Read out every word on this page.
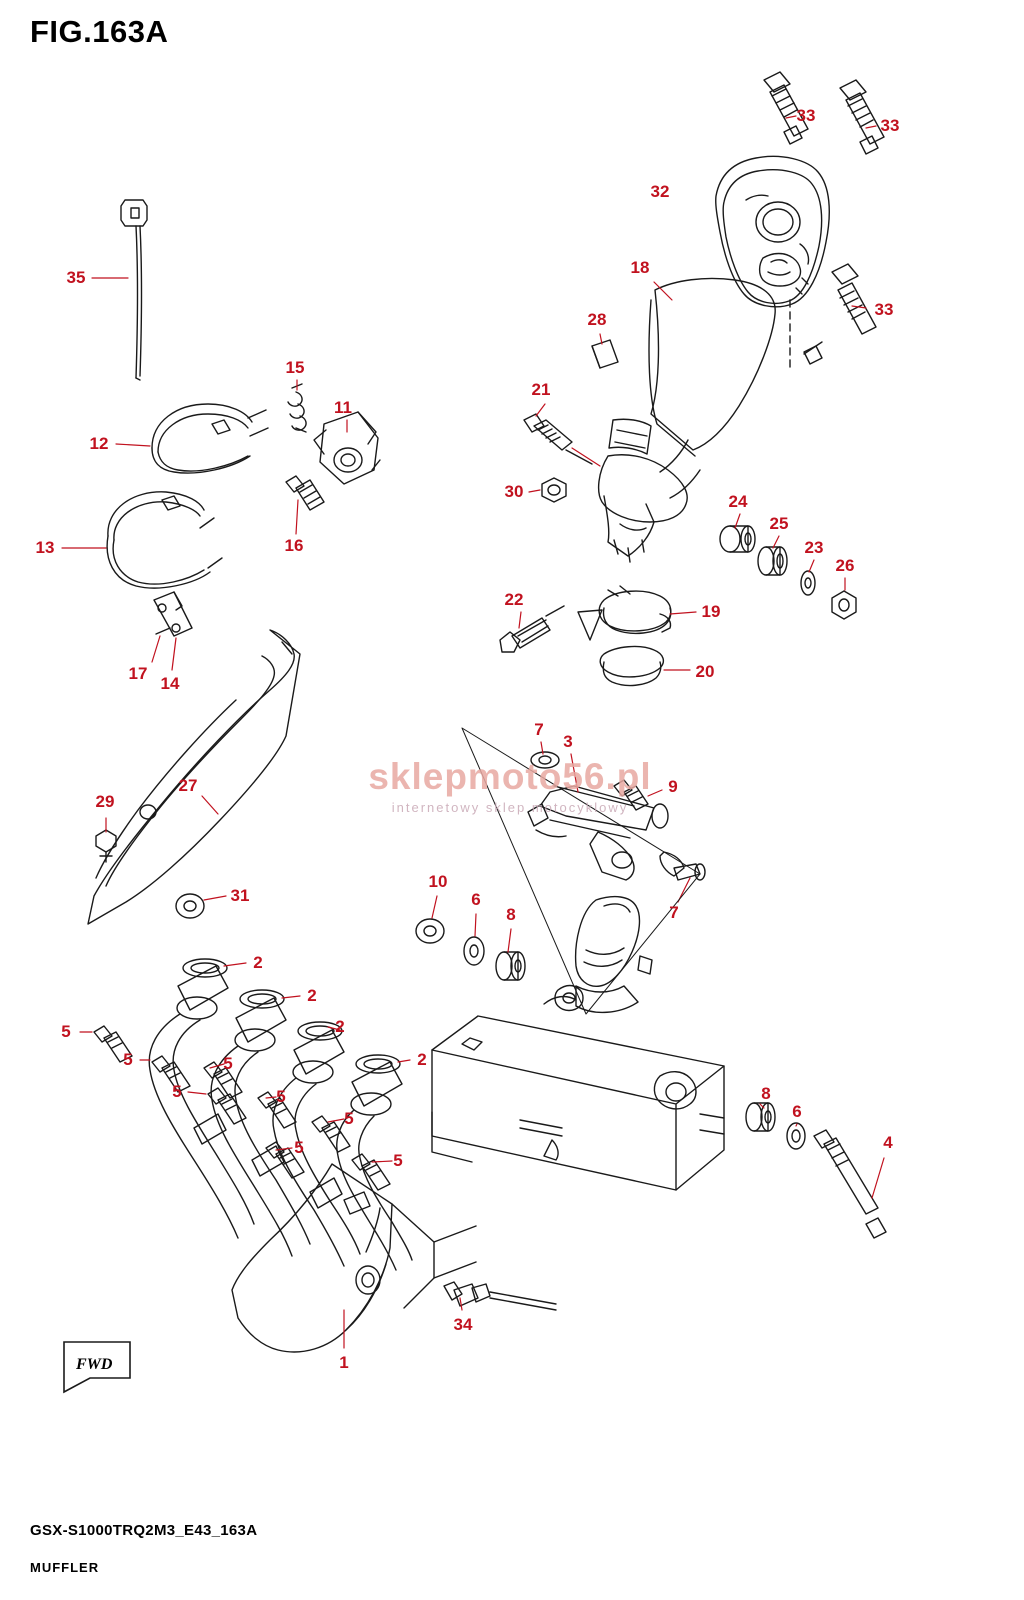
FIG.163A
33
33
32
33
35
18
28
15
11
21
12
16
30
24
25
23
26
13
22
19
20
17
14
7
3
9
27
29
7
31
10
6
8
2
2
2
5
2
5	5
5	5	8
6
5
5	4
5
34
1
sklepmoto56.pl
internetowy sklep motocyklowy
FWD
GSX-S1000TRQ2M3_E43_163A
MUFFLER
